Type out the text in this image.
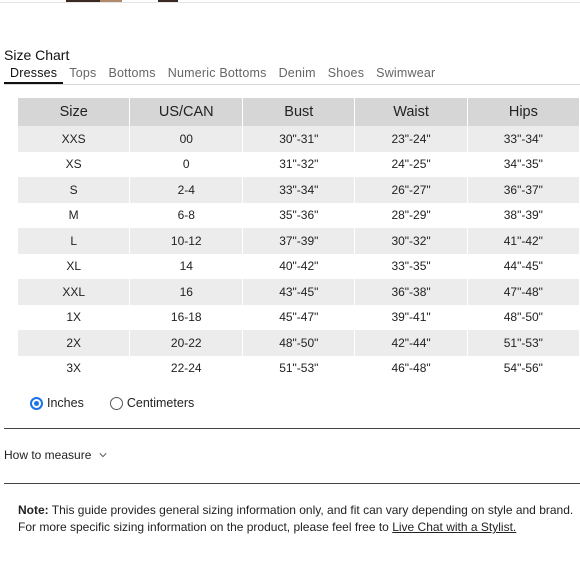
Size Chart
Dresses Tops Bottoms Numeric Bottoms Denim Shoes Swimwear
Size	US/CAN	Bust	Waist	Hips
XXS	00	30"-31"	23"-24"	33"-34"
XS	0	31"-32"	24"-25"	34"-35"
S	2-4	33"-34"	26"-27"	36"-37"
M	6-8	35"-36"	28"-29"	38"-39"
L	10-12	37"-39"	30"-32"	41"-42"
XL	14	40"-42"	33"-35"	44"-45"
XXL	16	43"-45"	36"-38"	47"-48"
1X	16-18	45"-47"	39"-41"	48"-50"
2X	20-22	48"-50"	42"-44"	51"-53"
3X	22-24	51"-53"	46"-48"	54"-56"
Inches	Centimeters
How to measure
Note: This guide provides general sizing information only, and fit can vary depending on style and brand.
For more specific sizing information on the product, please feel free to Live Chat with a Stylist.
